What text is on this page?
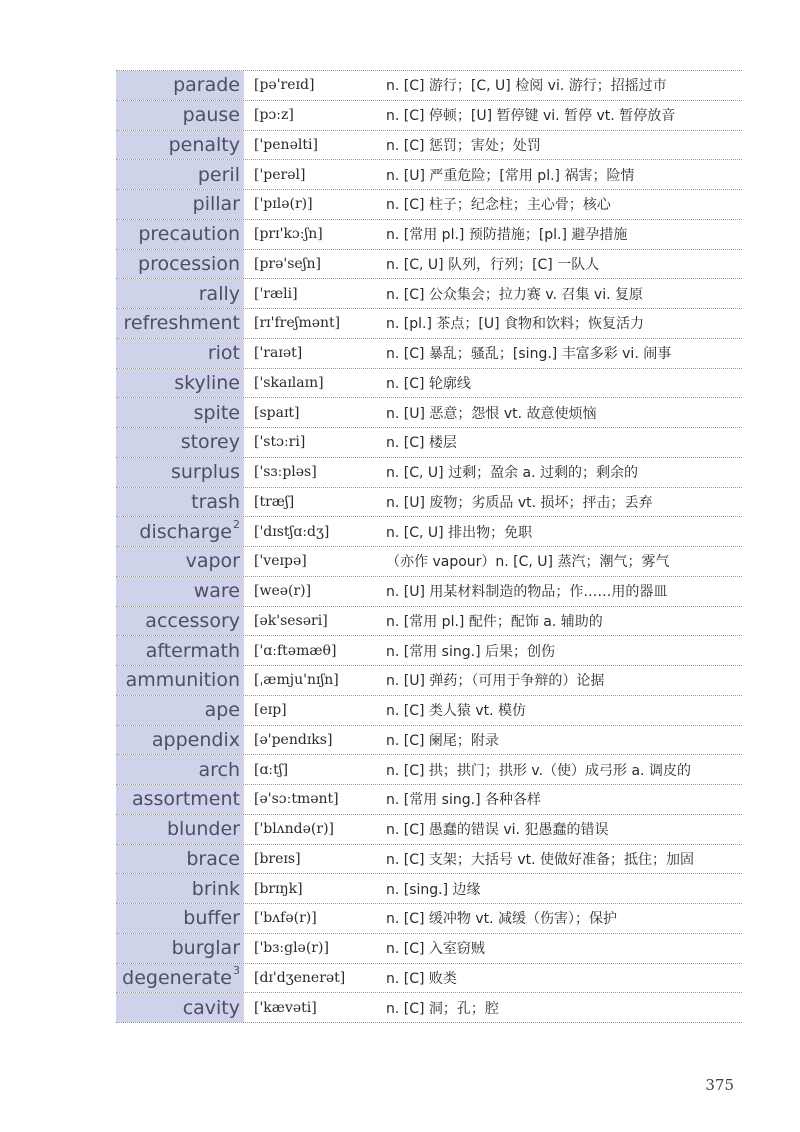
parade	[pə'reɪd]	n. [C] 游行；[C, U] 检阅 vi. 游行；招摇过市
pause	[pɔːz]	n. [C] 停顿；[U] 暂停键 vi. 暂停 vt. 暂停放音
penalty	['penəlti]	n. [C] 惩罚；害处；处罚
peril	['perəl]	n. [U] 严重危险；[常用 pl.] 祸害；险情
pillar	['pɪlə(r)]	n. [C] 柱子；纪念柱；主心骨；核心
precaution	[prɪ'kɔːʃn]	n. [常用 pl.] 预防措施；[pl.] 避孕措施
procession	[prə'seʃn]	n. [C, U] 队列，行列；[C] 一队人
rally	['ræli]	n. [C] 公众集会；拉力赛 v. 召集 vi. 复原
refreshment	[rɪ'freʃmənt]	n. [pl.] 茶点；[U] 食物和饮料；恢复活力
riot	['raɪət]	n. [C] 暴乱；骚乱；[sing.] 丰富多彩 vi. 闹事
skyline	['skaɪlaɪn]	n. [C] 轮廓线
spite	[spaɪt]	n. [U] 恶意；怨恨 vt. 故意使烦恼
storey	['stɔːri]	n. [C] 楼层
surplus	['sɜːpləs]	n. [C, U] 过剩；盈余 a. 过剩的；剩余的
trash	[træʃ]	n. [U] 废物；劣质品 vt. 损坏；抨击；丢弃
discharge$^2$	['dɪstʃɑːdʒ]	n. [C, U] 排出物；免职
vapor	['veɪpə]	（亦作 vapour）n. [C, U] 蒸汽；潮气；雾气
ware	[weə(r)]	n. [U] 用某材料制造的物品；作……用的器皿
accessory	[ək'sesəri]	n. [常用 pl.] 配件；配饰 a. 辅助的
aftermath	['ɑːftəmæθ]	n. [常用 sing.] 后果；创伤
ammunition	[ˌæmju'nɪʃn]	n. [U] 弹药；（可用于争辩的）论据
ape	[eɪp]	n. [C] 类人猿 vt. 模仿
appendix	[ə'pendɪks]	n. [C] 阑尾；附录
arch	[ɑːtʃ]	n. [C] 拱；拱门；拱形 v.（使）成弓形 a. 调皮的
assortment	[ə'sɔːtmənt]	n. [常用 sing.] 各种各样
blunder	['blʌndə(r)]	n. [C] 愚蠢的错误 vi. 犯愚蠢的错误
brace	[breɪs]	n. [C] 支架；大括号 vt. 使做好准备；抵住；加固
brink	[brɪŋk]	n. [sing.] 边缘
buffer	['bʌfə(r)]	n. [C] 缓冲物 vt. 减缓（伤害）；保护
burglar	['bɜːglə(r)]	n. [C] 入室窃贼
degenerate$^3$	[dɪ'dʒenerət]	n. [C] 败类
cavity	['kævəti]	n. [C] 洞；孔；腔
375
